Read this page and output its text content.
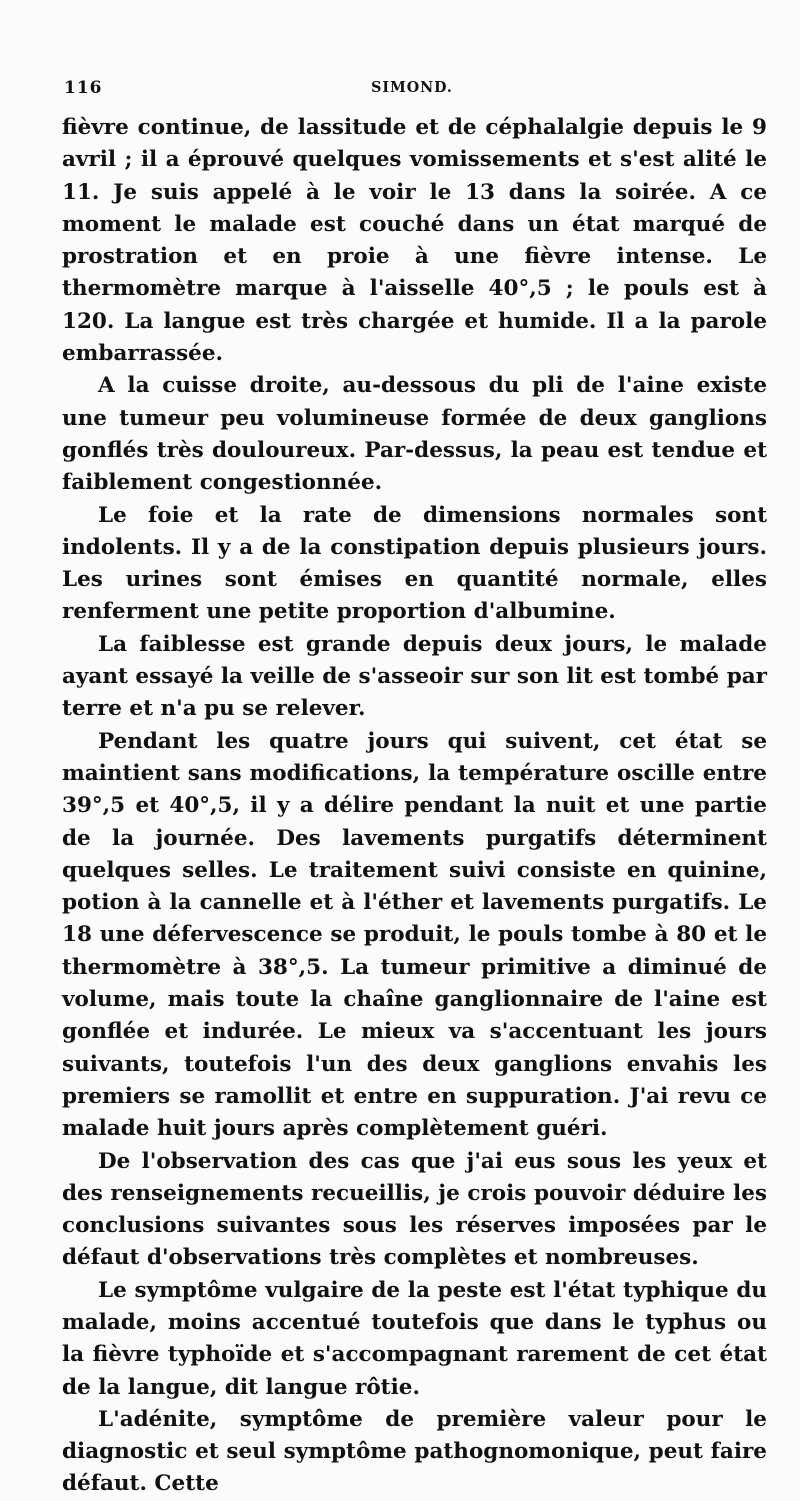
116	SIMOND.

fièvre continue, de lassitude et de céphalalgie depuis le 9 avril ; il a éprouvé quelques vomissements et s'est alité le 11. Je suis appelé à le voir le 13 dans la soirée. A ce moment le malade est couché dans un état marqué de prostration et en proie à une fièvre intense. Le thermomètre marque à l'aisselle 40°,5 ; le pouls est à 120. La langue est très chargée et humide. Il a la parole embarrassée.

A la cuisse droite, au-dessous du pli de l'aine existe une tumeur peu volumineuse formée de deux ganglions gonflés très douloureux. Par-dessus, la peau est tendue et faiblement congestionnée.

Le foie et la rate de dimensions normales sont indolents. Il y a de la constipation depuis plusieurs jours. Les urines sont émises en quantité normale, elles renferment une petite proportion d'albumine.

La faiblesse est grande depuis deux jours, le malade ayant essayé la veille de s'asseoir sur son lit est tombé par terre et n'a pu se relever.

Pendant les quatre jours qui suivent, cet état se maintient sans modifications, la température oscille entre 39°,5 et 40°,5, il y a délire pendant la nuit et une partie de la journée. Des lavements purgatifs déterminent quelques selles. Le traitement suivi consiste en quinine, potion à la cannelle et à l'éther et lavements purgatifs. Le 18 une défervescence se produit, le pouls tombe à 80 et le thermomètre à 38°,5. La tumeur primitive a diminué de volume, mais toute la chaîne ganglionnaire de l'aine est gonflée et indurée. Le mieux va s'accentuant les jours suivants, toutefois l'un des deux ganglions envahis les premiers se ramollit et entre en suppuration. J'ai revu ce malade huit jours après complètement guéri.

De l'observation des cas que j'ai eus sous les yeux et des renseignements recueillis, je crois pouvoir déduire les conclusions suivantes sous les réserves imposées par le défaut d'observations très complètes et nombreuses.

Le symptôme vulgaire de la peste est l'état typhique du malade, moins accentué toutefois que dans le typhus ou la fièvre typhoïde et s'accompagnant rarement de cet état de la langue, dit langue rôtie.

L'adénite, symptôme de première valeur pour le diagnostic et seul symptôme pathognomonique, peut faire défaut. Cette
